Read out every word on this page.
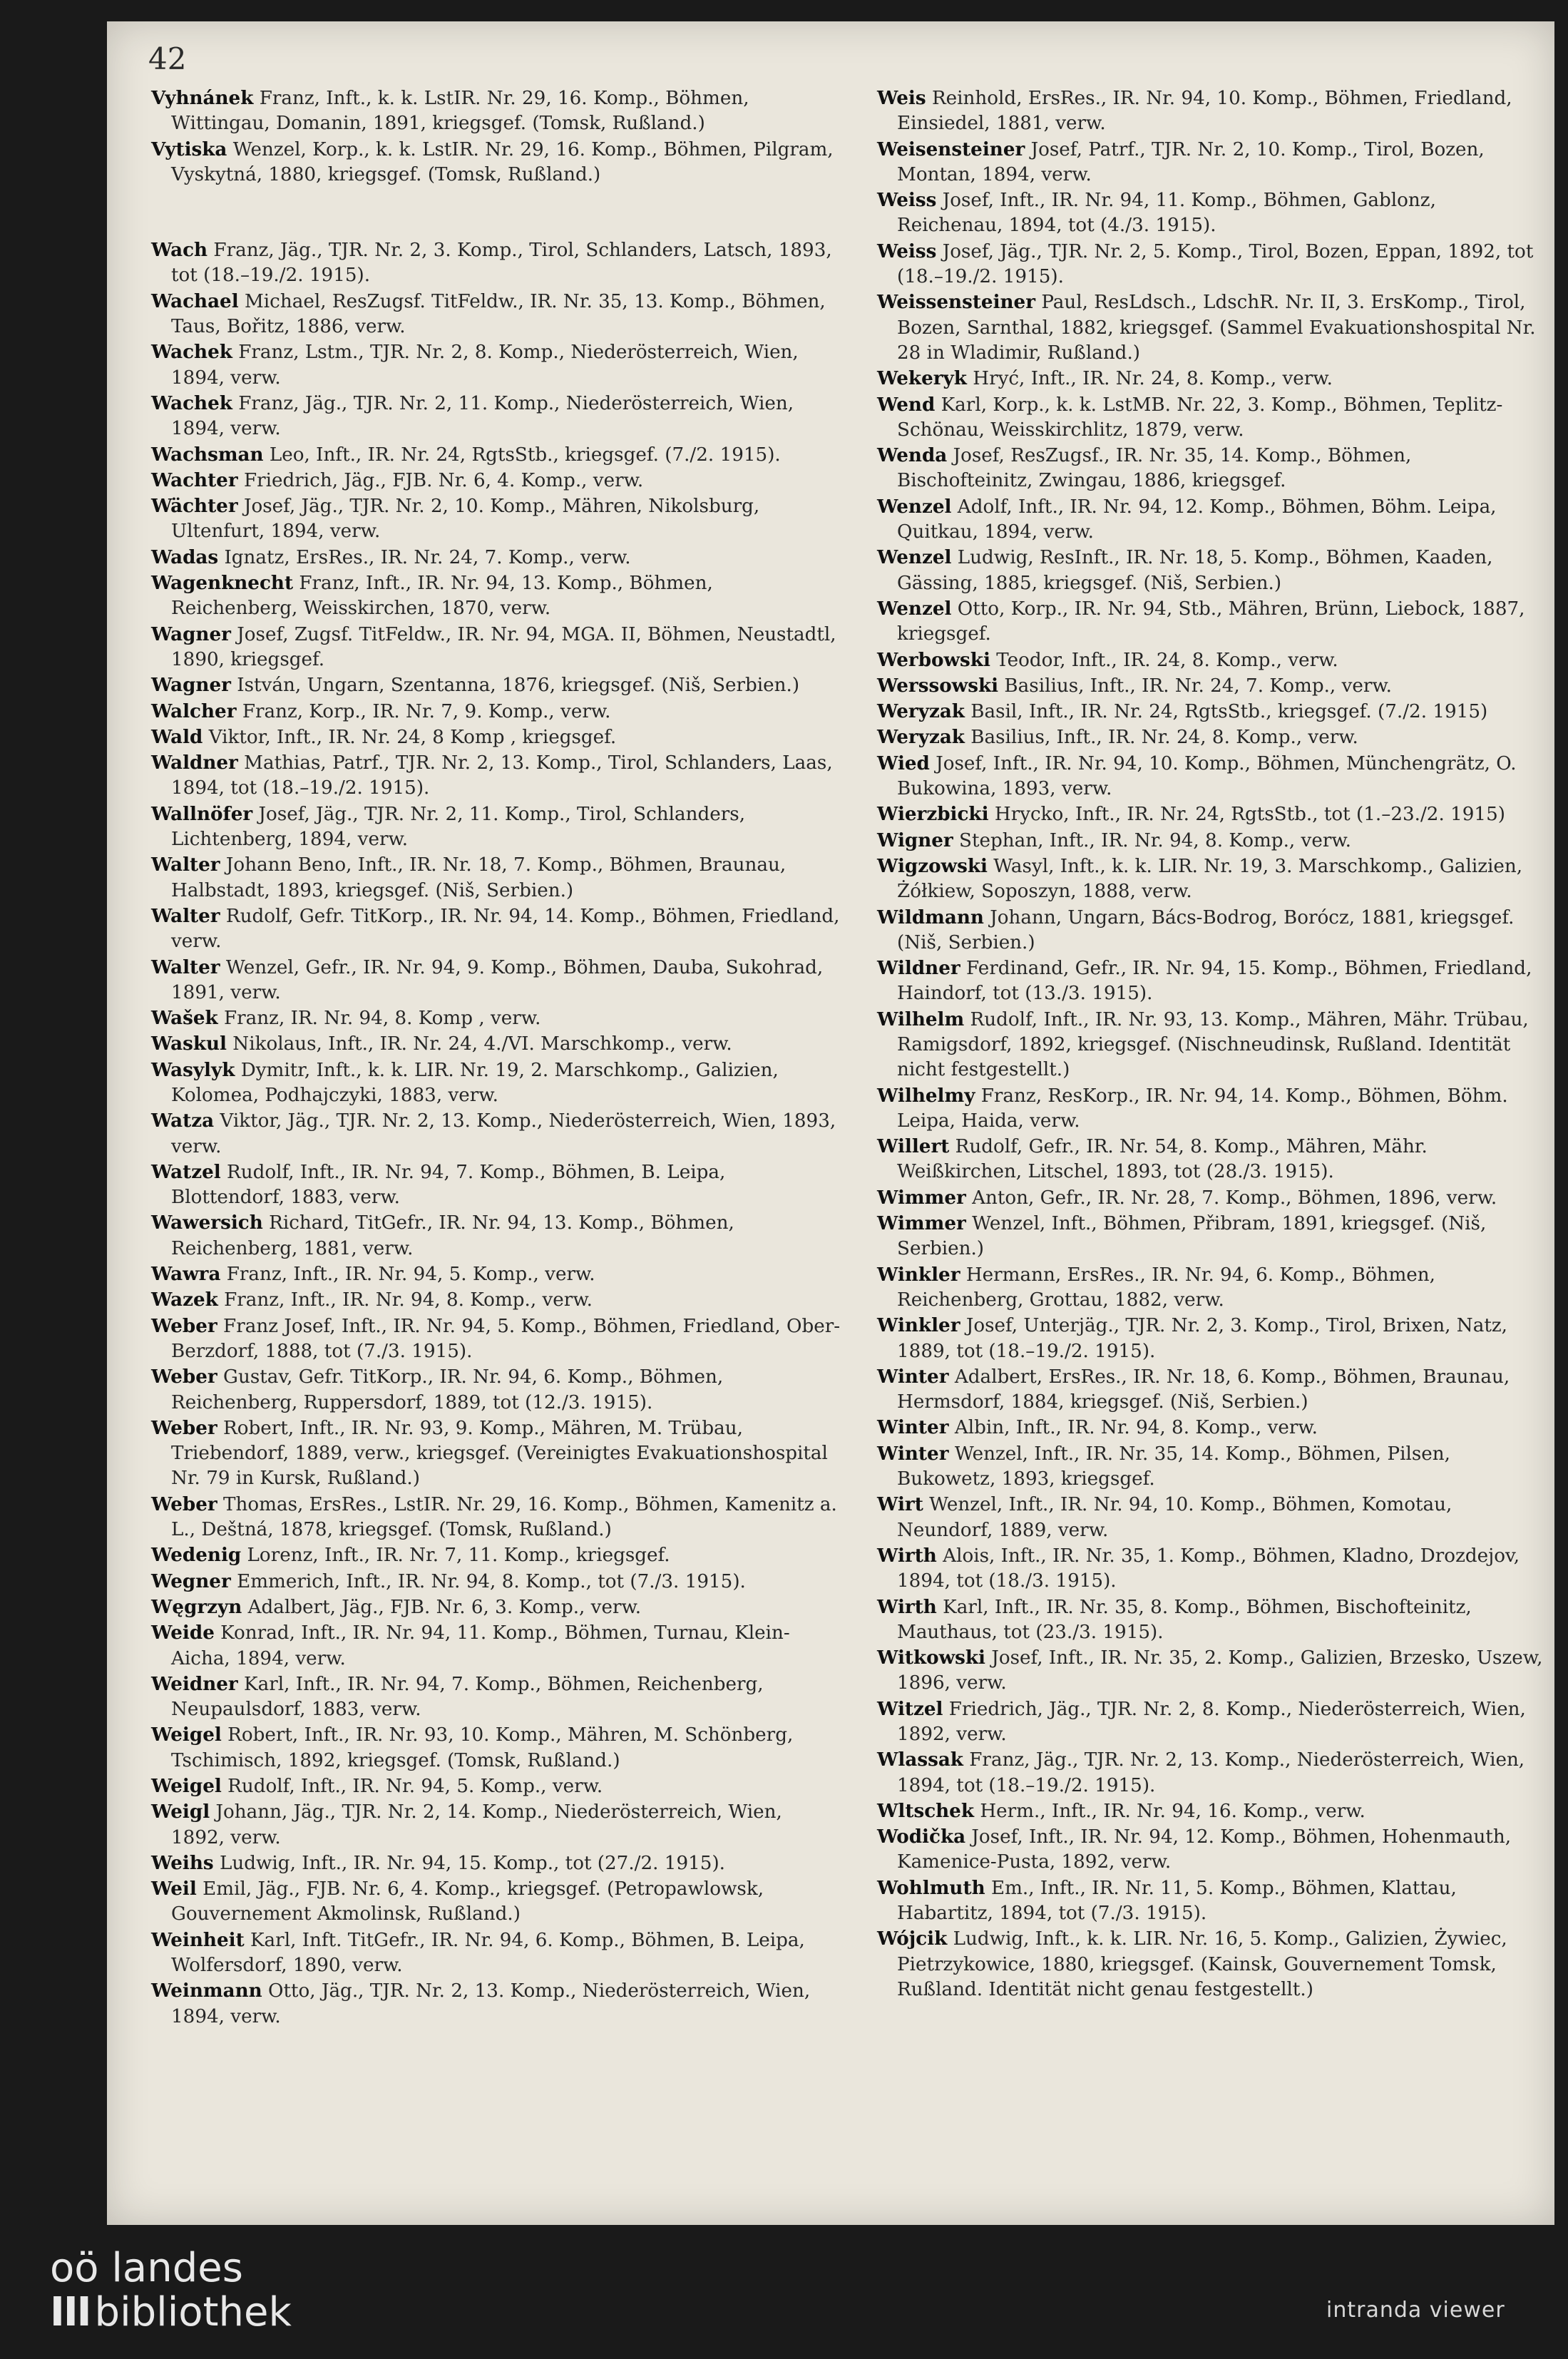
42

Vyhnánek Franz, Inft., k. k. LstIR. Nr. 29, 16. Komp., Böhmen, Wittingau, Domanin, 1891, kriegsgef. (Tomsk, Rußland.)

Vytiska Wenzel, Korp., k. k. LstIR. Nr. 29, 16. Komp., Böhmen, Pilgram, Vyskytná, 1880, kriegsgef. (Tomsk, Rußland.)

Wach Franz, Jäg., TJR. Nr. 2, 3. Komp., Tirol, Schlanders, Latsch, 1893, tot (18.–19./2. 1915).

Wachael Michael, ResZugsf. TitFeldw., IR. Nr. 35, 13. Komp., Böhmen, Taus, Bořitz, 1886, verw.

Wachek Franz, Lstm., TJR. Nr. 2, 8. Komp., Niederösterreich, Wien, 1894, verw.

Wachek Franz, Jäg., TJR. Nr. 2, 11. Komp., Niederösterreich, Wien, 1894, verw.

Wachsman Leo, Inft., IR. Nr. 24, RgtsStb., kriegsgef. (7./2. 1915).

Wachter Friedrich, Jäg., FJB. Nr. 6, 4. Komp., verw.

Wächter Josef, Jäg., TJR. Nr. 2, 10. Komp., Mähren, Nikolsburg, Ultenfurt, 1894, verw.

Wadas Ignatz, ErsRes., IR. Nr. 24, 7. Komp., verw.

Wagenknecht Franz, Inft., IR. Nr. 94, 13. Komp., Böhmen, Reichenberg, Weisskirchen, 1870, verw.

Wagner Josef, Zugsf. TitFeldw., IR. Nr. 94, MGA. II, Böhmen, Neustadtl, 1890, kriegsgef.

Wagner István, Ungarn, Szentanna, 1876, kriegsgef. (Niš, Serbien.)

Walcher Franz, Korp., IR. Nr. 7, 9. Komp., verw.

Wald Viktor, Inft., IR. Nr. 24, 8 Komp , kriegsgef.

Waldner Mathias, Patrf., TJR. Nr. 2, 13. Komp., Tirol, Schlanders, Laas, 1894, tot (18.–19./2. 1915).

Wallnöfer Josef, Jäg., TJR. Nr. 2, 11. Komp., Tirol, Schlanders, Lichtenberg, 1894, verw.

Walter Johann Beno, Inft., IR. Nr. 18, 7. Komp., Böhmen, Braunau, Halbstadt, 1893, kriegsgef. (Niš, Serbien.)

Walter Rudolf, Gefr. TitKorp., IR. Nr. 94, 14. Komp., Böhmen, Friedland, verw.

Walter Wenzel, Gefr., IR. Nr. 94, 9. Komp., Böhmen, Dauba, Sukohrad, 1891, verw.

Wašek Franz, IR. Nr. 94, 8. Komp , verw.

Waskul Nikolaus, Inft., IR. Nr. 24, 4./VI. Marschkomp., verw.

Wasylyk Dymitr, Inft., k. k. LIR. Nr. 19, 2. Marschkomp., Galizien, Kolomea, Podhajczyki, 1883, verw.

Watza Viktor, Jäg., TJR. Nr. 2, 13. Komp., Niederösterreich, Wien, 1893, verw.

Watzel Rudolf, Inft., IR. Nr. 94, 7. Komp., Böhmen, B. Leipa, Blottendorf, 1883, verw.

Wawersich Richard, TitGefr., IR. Nr. 94, 13. Komp., Böhmen, Reichenberg, 1881, verw.

Wawra Franz, Inft., IR. Nr. 94, 5. Komp., verw.

Wazek Franz, Inft., IR. Nr. 94, 8. Komp., verw.

Weber Franz Josef, Inft., IR. Nr. 94, 5. Komp., Böhmen, Friedland, Ober-Berzdorf, 1888, tot (7./3. 1915).

Weber Gustav, Gefr. TitKorp., IR. Nr. 94, 6. Komp., Böhmen, Reichenberg, Ruppersdorf, 1889, tot (12./3. 1915).

Weber Robert, Inft., IR. Nr. 93, 9. Komp., Mähren, M. Trübau, Triebendorf, 1889, verw., kriegsgef. (Vereinigtes Evakuationshospital Nr. 79 in Kursk, Rußland.)

Weber Thomas, ErsRes., LstIR. Nr. 29, 16. Komp., Böhmen, Kamenitz a. L., Deštná, 1878, kriegsgef. (Tomsk, Rußland.)

Wedenig Lorenz, Inft., IR. Nr. 7, 11. Komp., kriegsgef.

Wegner Emmerich, Inft., IR. Nr. 94, 8. Komp., tot (7./3. 1915).

Węgrzyn Adalbert, Jäg., FJB. Nr. 6, 3. Komp., verw.

Weide Konrad, Inft., IR. Nr. 94, 11. Komp., Böhmen, Turnau, Klein-Aicha, 1894, verw.

Weidner Karl, Inft., IR. Nr. 94, 7. Komp., Böhmen, Reichenberg, Neupaulsdorf, 1883, verw.

Weigel Robert, Inft., IR. Nr. 93, 10. Komp., Mähren, M. Schönberg, Tschimisch, 1892, kriegsgef. (Tomsk, Rußland.)

Weigel Rudolf, Inft., IR. Nr. 94, 5. Komp., verw.

Weigl Johann, Jäg., TJR. Nr. 2, 14. Komp., Niederösterreich, Wien, 1892, verw.

Weihs Ludwig, Inft., IR. Nr. 94, 15. Komp., tot (27./2. 1915).

Weil Emil, Jäg., FJB. Nr. 6, 4. Komp., kriegsgef. (Petropawlowsk, Gouvernement Akmolinsk, Rußland.)

Weinheit Karl, Inft. TitGefr., IR. Nr. 94, 6. Komp., Böhmen, B. Leipa, Wolfersdorf, 1890, verw.

Weinmann Otto, Jäg., TJR. Nr. 2, 13. Komp., Niederösterreich, Wien, 1894, verw.

Weis Reinhold, ErsRes., IR. Nr. 94, 10. Komp., Böhmen, Friedland, Einsiedel, 1881, verw.

Weisensteiner Josef, Patrf., TJR. Nr. 2, 10. Komp., Tirol, Bozen, Montan, 1894, verw.

Weiss Josef, Inft., IR. Nr. 94, 11. Komp., Böhmen, Gablonz, Reichenau, 1894, tot (4./3. 1915).

Weiss Josef, Jäg., TJR. Nr. 2, 5. Komp., Tirol, Bozen, Eppan, 1892, tot (18.–19./2. 1915).

Weissensteiner Paul, ResLdsch., LdschR. Nr. II, 3. ErsKomp., Tirol, Bozen, Sarnthal, 1882, kriegsgef. (Sammel Evakuationshospital Nr. 28 in Wladimir, Rußland.)

Wekeryk Hryć, Inft., IR. Nr. 24, 8. Komp., verw.

Wend Karl, Korp., k. k. LstMB. Nr. 22, 3. Komp., Böhmen, Teplitz-Schönau, Weisskirchlitz, 1879, verw.

Wenda Josef, ResZugsf., IR. Nr. 35, 14. Komp., Böhmen, Bischofteinitz, Zwingau, 1886, kriegsgef.

Wenzel Adolf, Inft., IR. Nr. 94, 12. Komp., Böhmen, Böhm. Leipa, Quitkau, 1894, verw.

Wenzel Ludwig, ResInft., IR. Nr. 18, 5. Komp., Böhmen, Kaaden, Gässing, 1885, kriegsgef. (Niš, Serbien.)

Wenzel Otto, Korp., IR. Nr. 94, Stb., Mähren, Brünn, Liebock, 1887, kriegsgef.

Werbowski Teodor, Inft., IR. 24, 8. Komp., verw.

Werssowski Basilius, Inft., IR. Nr. 24, 7. Komp., verw.

Weryzak Basil, Inft., IR. Nr. 24, RgtsStb., kriegsgef. (7./2. 1915)

Weryzak Basilius, Inft., IR. Nr. 24, 8. Komp., verw.

Wied Josef, Inft., IR. Nr. 94, 10. Komp., Böhmen, Münchengrätz, O. Bukowina, 1893, verw.

Wierzbicki Hrycko, Inft., IR. Nr. 24, RgtsStb., tot (1.–23./2. 1915)

Wigner Stephan, Inft., IR. Nr. 94, 8. Komp., verw.

Wigzowski Wasyl, Inft., k. k. LIR. Nr. 19, 3. Marschkomp., Galizien, Żółkiew, Soposzyn, 1888, verw.

Wildmann Johann, Ungarn, Bács-Bodrog, Borócz, 1881, kriegsgef. (Niš, Serbien.)

Wildner Ferdinand, Gefr., IR. Nr. 94, 15. Komp., Böhmen, Friedland, Haindorf, tot (13./3. 1915).

Wilhelm Rudolf, Inft., IR. Nr. 93, 13. Komp., Mähren, Mähr. Trübau, Ramigsdorf, 1892, kriegsgef. (Nischneudinsk, Rußland. Identität nicht festgestellt.)

Wilhelmy Franz, ResKorp., IR. Nr. 94, 14. Komp., Böhmen, Böhm. Leipa, Haida, verw.

Willert Rudolf, Gefr., IR. Nr. 54, 8. Komp., Mähren, Mähr. Weißkirchen, Litschel, 1893, tot (28./3. 1915).

Wimmer Anton, Gefr., IR. Nr. 28, 7. Komp., Böhmen, 1896, verw.

Wimmer Wenzel, Inft., Böhmen, Přibram, 1891, kriegsgef. (Niš, Serbien.)

Winkler Hermann, ErsRes., IR. Nr. 94, 6. Komp., Böhmen, Reichenberg, Grottau, 1882, verw.

Winkler Josef, Unterjäg., TJR. Nr. 2, 3. Komp., Tirol, Brixen, Natz, 1889, tot (18.–19./2. 1915).

Winter Adalbert, ErsRes., IR. Nr. 18, 6. Komp., Böhmen, Braunau, Hermsdorf, 1884, kriegsgef. (Niš, Serbien.)

Winter Albin, Inft., IR. Nr. 94, 8. Komp., verw.

Winter Wenzel, Inft., IR. Nr. 35, 14. Komp., Böhmen, Pilsen, Bukowetz, 1893, kriegsgef.

Wirt Wenzel, Inft., IR. Nr. 94, 10. Komp., Böhmen, Komotau, Neundorf, 1889, verw.

Wirth Alois, Inft., IR. Nr. 35, 1. Komp., Böhmen, Kladno, Drozdejov, 1894, tot (18./3. 1915).

Wirth Karl, Inft., IR. Nr. 35, 8. Komp., Böhmen, Bischofteinitz, Mauthaus, tot (23./3. 1915).

Witkowski Josef, Inft., IR. Nr. 35, 2. Komp., Galizien, Brzesko, Uszew, 1896, verw.

Witzel Friedrich, Jäg., TJR. Nr. 2, 8. Komp., Niederösterreich, Wien, 1892, verw.

Wlassak Franz, Jäg., TJR. Nr. 2, 13. Komp., Niederösterreich, Wien, 1894, tot (18.–19./2. 1915).

Wltschek Herm., Inft., IR. Nr. 94, 16. Komp., verw.

Wodička Josef, Inft., IR. Nr. 94, 12. Komp., Böhmen, Hohenmauth, Kamenice-Pusta, 1892, verw.

Wohlmuth Em., Inft., IR. Nr. 11, 5. Komp., Böhmen, Klattau, Habartitz, 1894, tot (7./3. 1915).

Wójcik Ludwig, Inft., k. k. LIR. Nr. 16, 5. Komp., Galizien, Żywiec, Pietrzykowice, 1880, kriegsgef. (Kainsk, Gouvernement Tomsk, Rußland. Identität nicht genau festgestellt.)

oö landes
III bibliothek	intranda viewer
